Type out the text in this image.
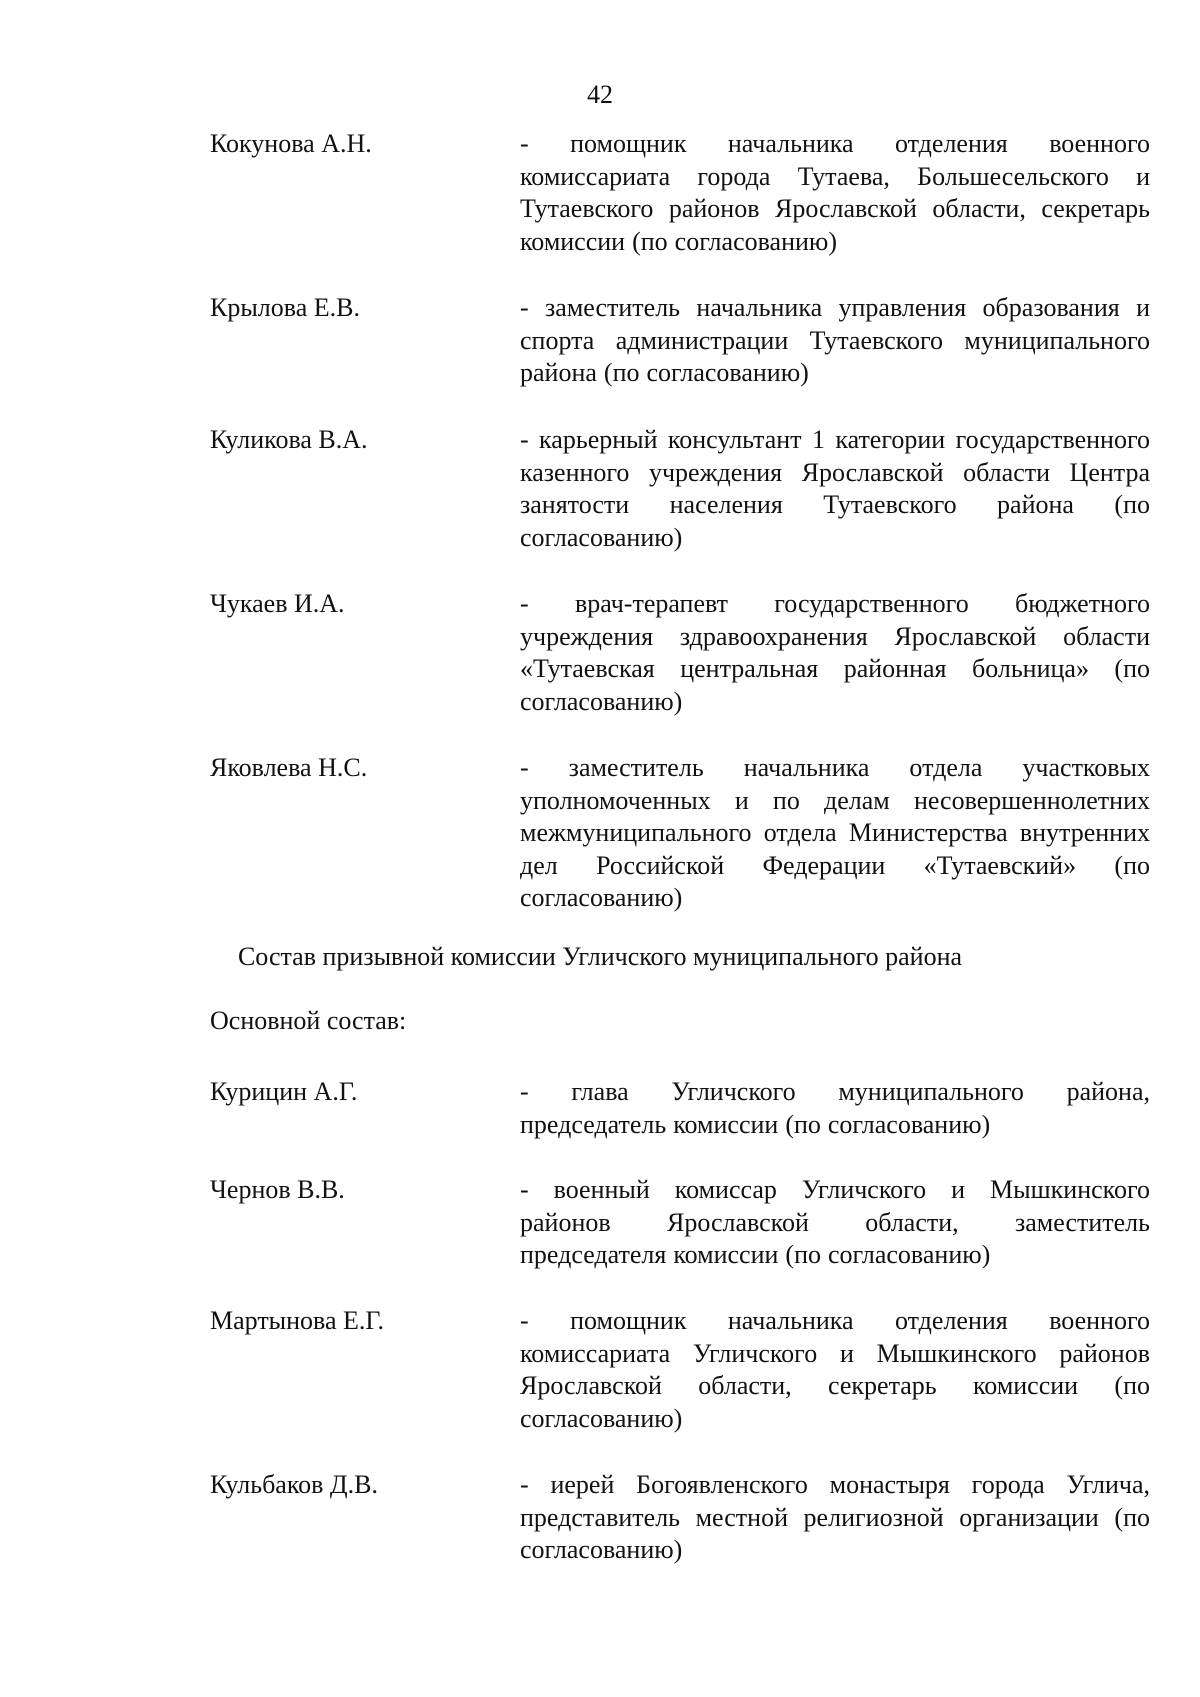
42
Кокунова А.Н.	- помощник начальника отделения военного комиссариата города Тутаева, Большесельского и Тутаевского районов Ярославской области, секретарь комиссии (по согласованию)
Крылова Е.В.	- заместитель начальника управления образования и спорта администрации Тутаевского муниципального района (по согласованию)
Куликова В.А.	- карьерный консультант 1 категории государственного казенного учреждения Ярославской области Центра занятости населения Тутаевского района (по согласованию)
Чукаев И.А.	- врач-терапевт государственного бюджетного учреждения здравоохранения Ярославской области «Тутаевская центральная районная больница» (по согласованию)
Яковлева Н.С.	- заместитель начальника отдела участковых уполномоченных и по делам несовершеннолетних межмуниципального отдела Министерства внутренних дел Российской Федерации «Тутаевский» (по согласованию)
Состав призывной комиссии Угличского муниципального района
Основной состав:
Курицин А.Г.	- глава Угличского муниципального района, председатель комиссии (по согласованию)
Чернов В.В.	- военный комиссар Угличского и Мышкинского районов Ярославской области, заместитель председателя комиссии (по согласованию)
Мартынова Е.Г.	- помощник начальника отделения военного комиссариата Угличского и Мышкинского районов Ярославской области, секретарь комиссии (по согласованию)
Кульбаков Д.В.	- иерей Богоявленского монастыря города Углича, представитель местной религиозной организации (по согласованию)
